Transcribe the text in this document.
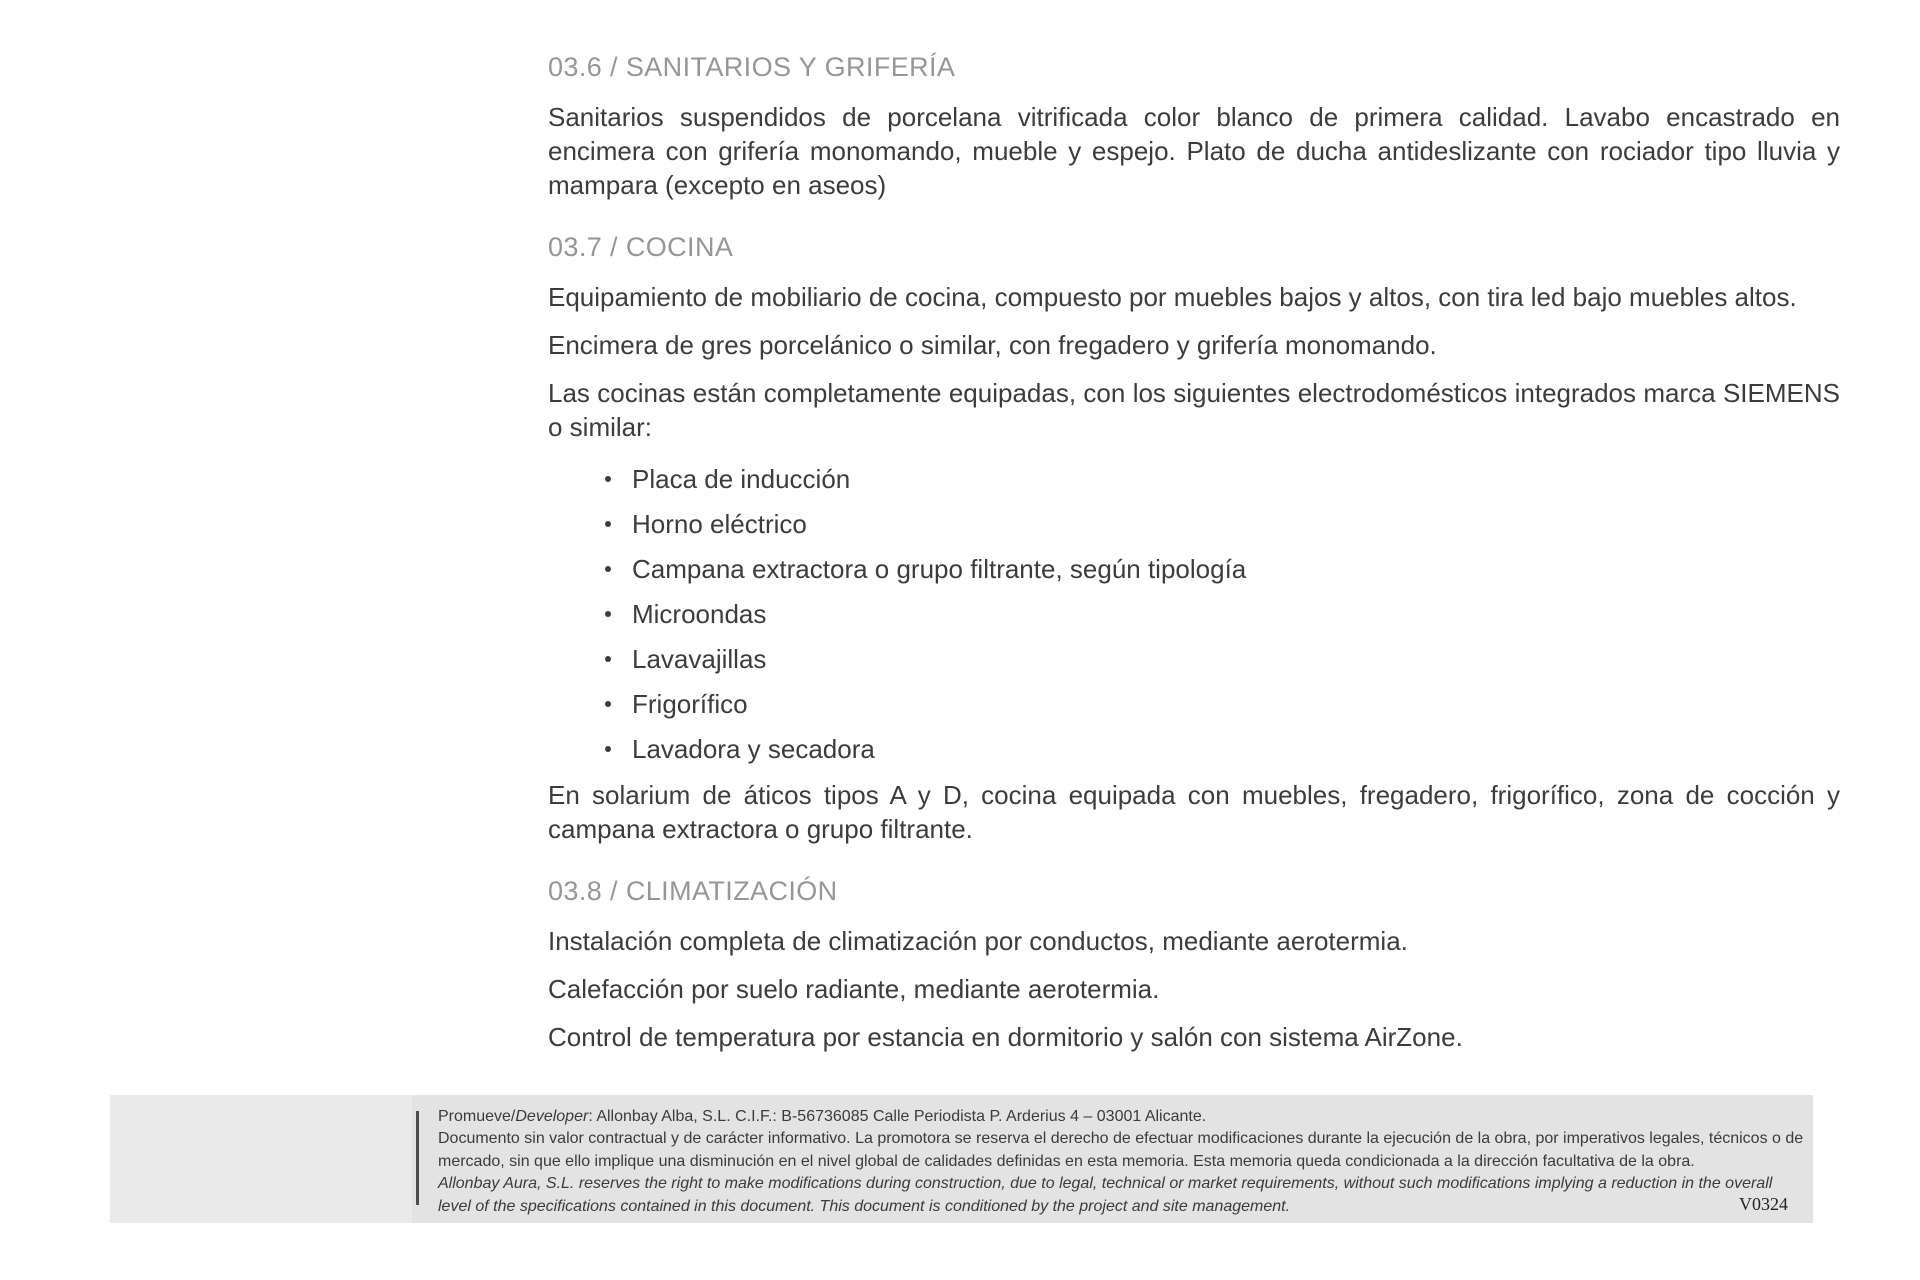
03.6 / SANITARIOS Y GRIFERÍA

Sanitarios suspendidos de porcelana vitrificada color blanco de primera calidad. Lavabo encastrado en encimera con grifería monomando, mueble y espejo. Plato de ducha antideslizante con rociador tipo lluvia y mampara (excepto en aseos)

03.7 / COCINA

Equipamiento de mobiliario de cocina, compuesto por muebles bajos y altos, con tira led bajo muebles altos.

Encimera de gres porcelánico o similar, con fregadero y grifería monomando.

Las cocinas están completamente equipadas, con los siguientes electrodomésticos integrados marca SIEMENS o similar:

Placa de inducción
Horno eléctrico
Campana extractora o grupo filtrante, según tipología
Microondas
Lavavajillas
Frigorífico
Lavadora y secadora

En solarium de áticos tipos A y D, cocina equipada con muebles, fregadero, frigorífico, zona de cocción y campana extractora o grupo filtrante.

03.8 / CLIMATIZACIÓN

Instalación completa de climatización por conductos, mediante aerotermia.

Calefacción por suelo radiante, mediante aerotermia.

Control de temperatura por estancia en dormitorio y salón con sistema AirZone.

Promueve/Developer: Allonbay Alba, S.L. C.I.F.: B-56736085 Calle Periodista P. Arderius 4 – 03001 Alicante.
Documento sin valor contractual y de carácter informativo. La promotora se reserva el derecho de efectuar modificaciones durante la ejecución de la obra, por imperativos legales, técnicos o de mercado, sin que ello implique una disminución en el nivel global de calidades definidas en esta memoria. Esta memoria queda condicionada a la dirección facultativa de la obra.
Allonbay Aura, S.L. reserves the right to make modifications during construction, due to legal, technical or market requirements, without such modifications implying a reduction in the overall level of the specifications contained in this document. This document is conditioned by the project and site management.	V0324
